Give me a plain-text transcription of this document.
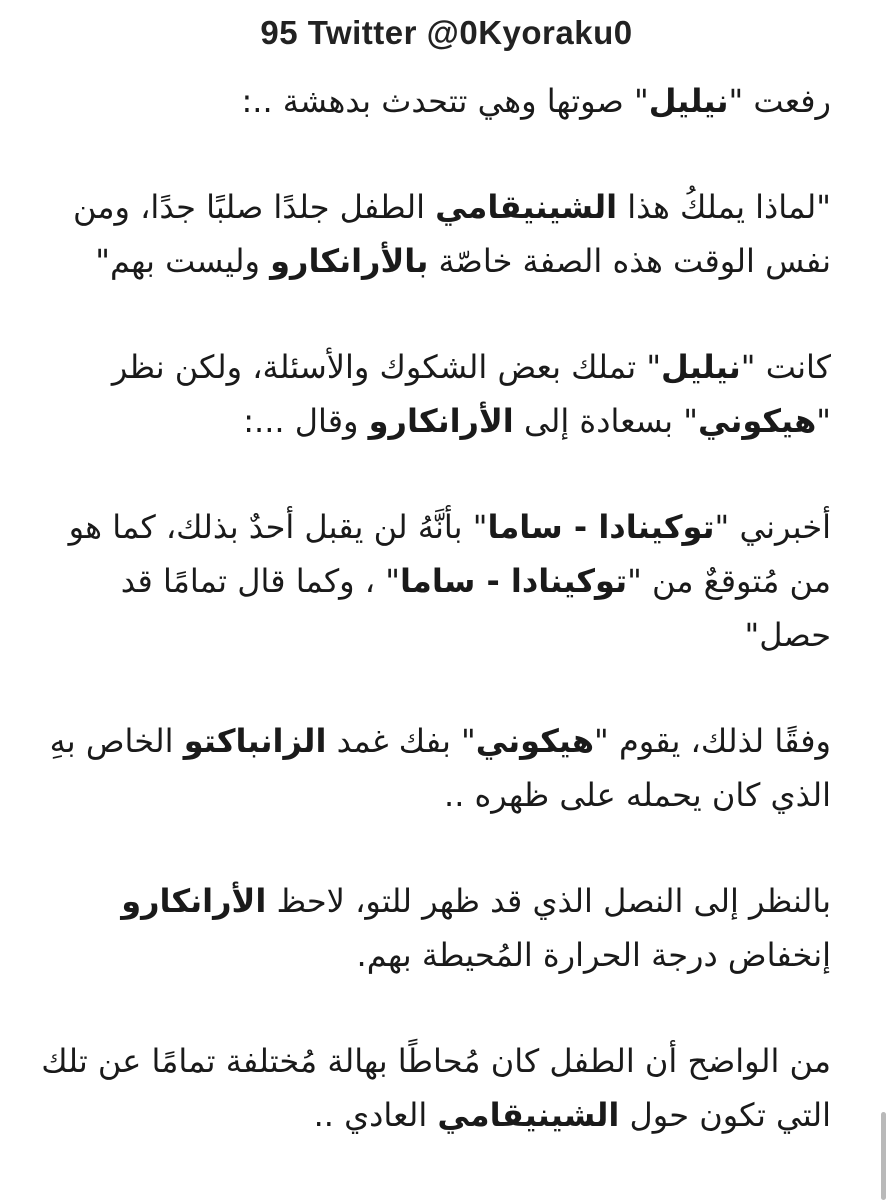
95 Twitter @0Kyoraku0

رفعت "نيليل" صوتها وهي تتحدث بدهشة ..:

"لماذا يملكُ هذا الشينيقامي الطفل جلدًا صلبًا جدًا، ومن نفس الوقت هذه الصفة خاصّة بالأرانكارو وليست بهم"

كانت "نيليل" تملك بعض الشكوك والأسئلة، ولكن نظر "هيكوني" بسعادة إلى الأرانكارو وقال ...:

أخبرني "توكينادا - ساما" بأنَّهُ لن يقبل أحدٌ بذلك، كما هو من مُتوقعٌ من "توكينادا - ساما" ، وكما قال تمامًا قد حصل"

وفقًا لذلك، يقوم "هيكوني" بفك غمد الزانباكتو الخاص بهِ الذي كان يحمله على ظهره ..

بالنظر إلى النصل الذي قد ظهر للتو، لاحظ الأرانكارو إنخفاض درجة الحرارة المُحيطة بهم.

من الواضح أن الطفل كان مُحاطًا بهالة مُختلفة تمامًا عن تلك التي تكون حول الشينيقامي العادي ..
